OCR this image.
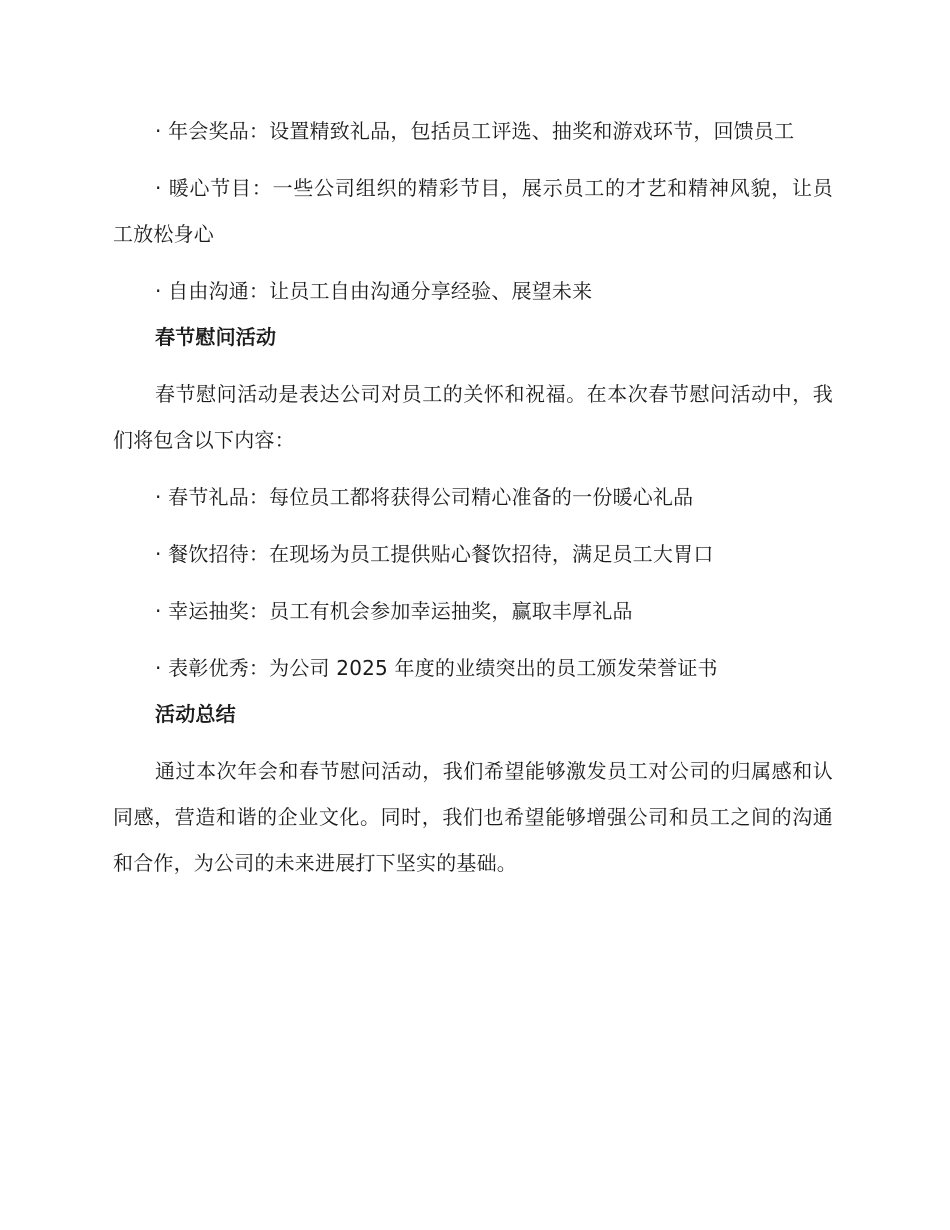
· 年会奖品：设置精致礼品，包括员工评选、抽奖和游戏环节，回馈员工

· 暖心节目：一些公司组织的精彩节目，展示员工的才艺和精神风貌，让员工放松身心

· 自由沟通：让员工自由沟通分享经验、展望未来

春节慰问活动

春节慰问活动是表达公司对员工的关怀和祝福。在本次春节慰问活动中，我们将包含以下内容：

· 春节礼品：每位员工都将获得公司精心准备的一份暖心礼品

· 餐饮招待：在现场为员工提供贴心餐饮招待，满足员工大胃口

· 幸运抽奖：员工有机会参加幸运抽奖，赢取丰厚礼品

· 表彰优秀：为公司 2025 年度的业绩突出的员工颁发荣誉证书

活动总结

通过本次年会和春节慰问活动，我们希望能够激发员工对公司的归属感和认同感，营造和谐的企业文化。同时，我们也希望能够增强公司和员工之间的沟通和合作，为公司的未来进展打下坚实的基础。
